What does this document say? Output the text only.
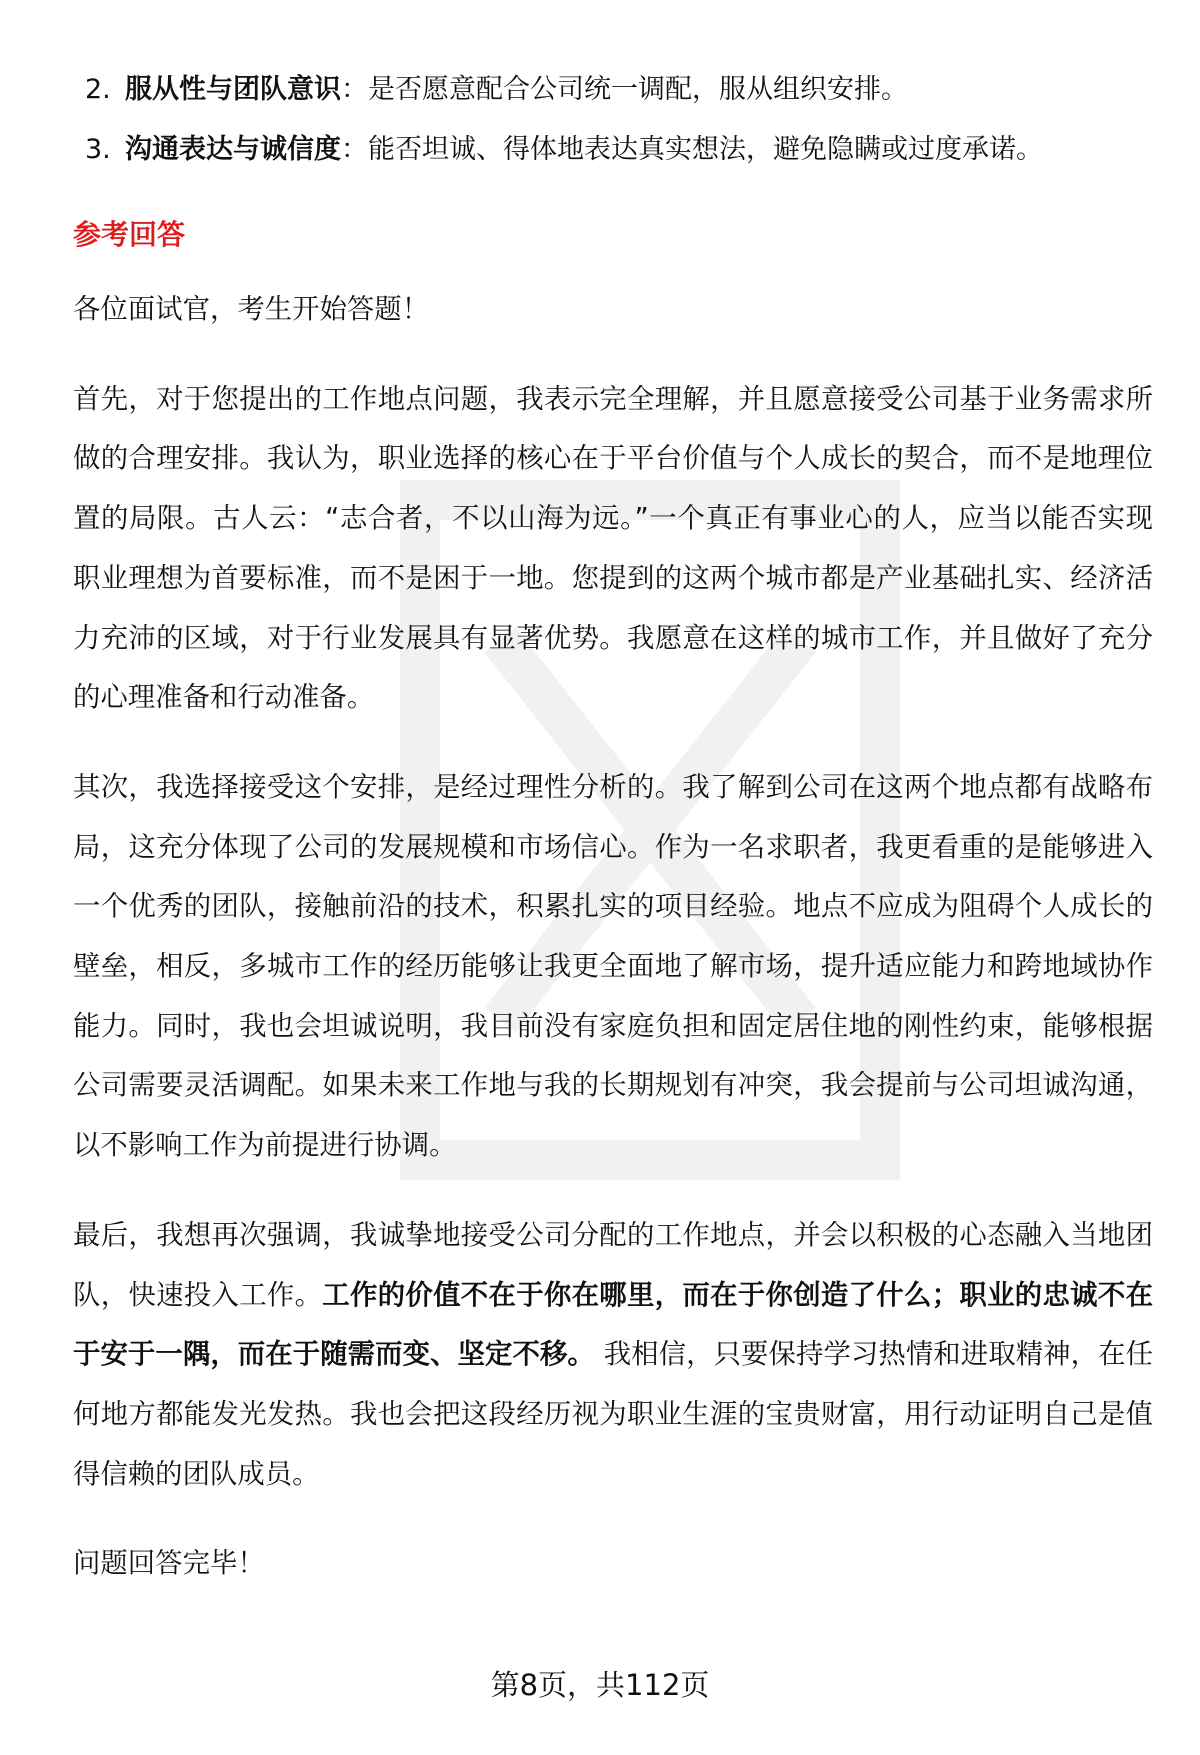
2. 服从性与团队意识：是否愿意配合公司统一调配，服从组织安排。
3. 沟通表达与诚信度：能否坦诚、得体地表达真实想法，避免隐瞒或过度承诺。
参考回答

各位面试官，考生开始答题！

首先，对于您提出的工作地点问题，我表示完全理解，并且愿意接受公司基于业务需求所做的合理安排。我认为，职业选择的核心在于平台价值与个人成长的契合，而不是地理位置的局限。古人云：“志合者，不以山海为远。”一个真正有事业心的人，应当以能否实现职业理想为首要标准，而不是困于一地。您提到的这两个城市都是产业基础扎实、经济活力充沛的区域，对于行业发展具有显著优势。我愿意在这样的城市工作，并且做好了充分的心理准备和行动准备。

其次，我选择接受这个安排，是经过理性分析的。我了解到公司在这两个地点都有战略布局，这充分体现了公司的发展规模和市场信心。作为一名求职者，我更看重的是能够进入一个优秀的团队，接触前沿的技术，积累扎实的项目经验。地点不应成为阻碍个人成长的壁垒，相反，多城市工作的经历能够让我更全面地了解市场，提升适应能力和跨地域协作能力。同时，我也会坦诚说明，我目前没有家庭负担和固定居住地的刚性约束，能够根据公司需要灵活调配。如果未来工作地与我的长期规划有冲突，我会提前与公司坦诚沟通，以不影响工作为前提进行协调。

最后，我想再次强调，我诚挚地接受公司分配的工作地点，并会以积极的心态融入当地团队，快速投入工作。工作的价值不在于你在哪里，而在于你创造了什么；职业的忠诚不在于安于一隅，而在于随需而变、坚定不移。 我相信，只要保持学习热情和进取精神，在任何地方都能发光发热。我也会把这段经历视为职业生涯的宝贵财富，用行动证明自己是值得信赖的团队成员。

问题回答完毕！

第8页，共112页
